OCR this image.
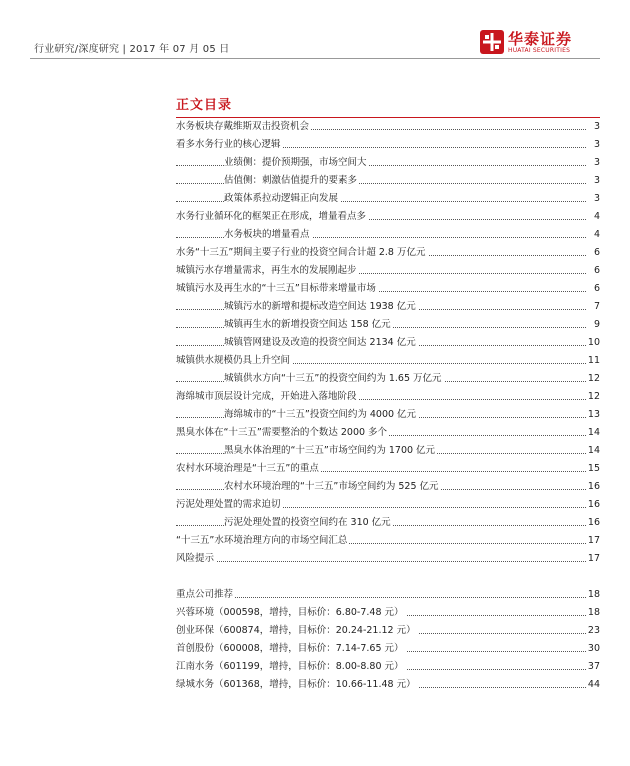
行业研究/深度研究 | 2017 年 07 月 05 日
华泰证券
HUATAI SECURITIES
正文目录
水务板块存戴维斯双击投资机会	3
看多水务行业的核心逻辑	3
业绩侧：提价预期强，市场空间大	3
估值侧：刺激估值提升的要素多	3
政策体系拉动逻辑正向发展	3
水务行业循环化的框架正在形成，增量看点多	4
水务板块的增量看点	4
水务“十三五”期间主要子行业的投资空间合计超 2.8 万亿元	6
城镇污水存增量需求，再生水的发展刚起步	6
城镇污水及再生水的“十三五”目标带来增量市场	6
城镇污水的新增和提标改造空间达 1938 亿元	7
城镇再生水的新增投资空间达 158 亿元	9
城镇管网建设及改造的投资空间达 2134 亿元	10
城镇供水规模仍具上升空间	11
城镇供水方向“十三五”的投资空间约为 1.65 万亿元	12
海绵城市顶层设计完成，开始进入落地阶段	12
海绵城市的“十三五”投资空间约为 4000 亿元	13
黑臭水体在“十三五”需要整治的个数达 2000 多个	14
黑臭水体治理的“十三五”市场空间约为 1700 亿元	14
农村水环境治理是“十三五”的重点	15
农村水环境治理的“十三五”市场空间约为 525 亿元	16
污泥处理处置的需求迫切	16
污泥处理处置的投资空间约在 310 亿元	16
“十三五”水环境治理方向的市场空间汇总	17
风险提示	17
重点公司推荐	18
兴蓉环境（000598，增持，目标价：6.80-7.48 元）	18
创业环保（600874，增持，目标价：20.24-21.12 元）	23
首创股份（600008，增持，目标价：7.14-7.65 元）	30
江南水务（601199，增持，目标价：8.00-8.80 元）	37
绿城水务（601368，增持，目标价：10.66-11.48 元）	44
